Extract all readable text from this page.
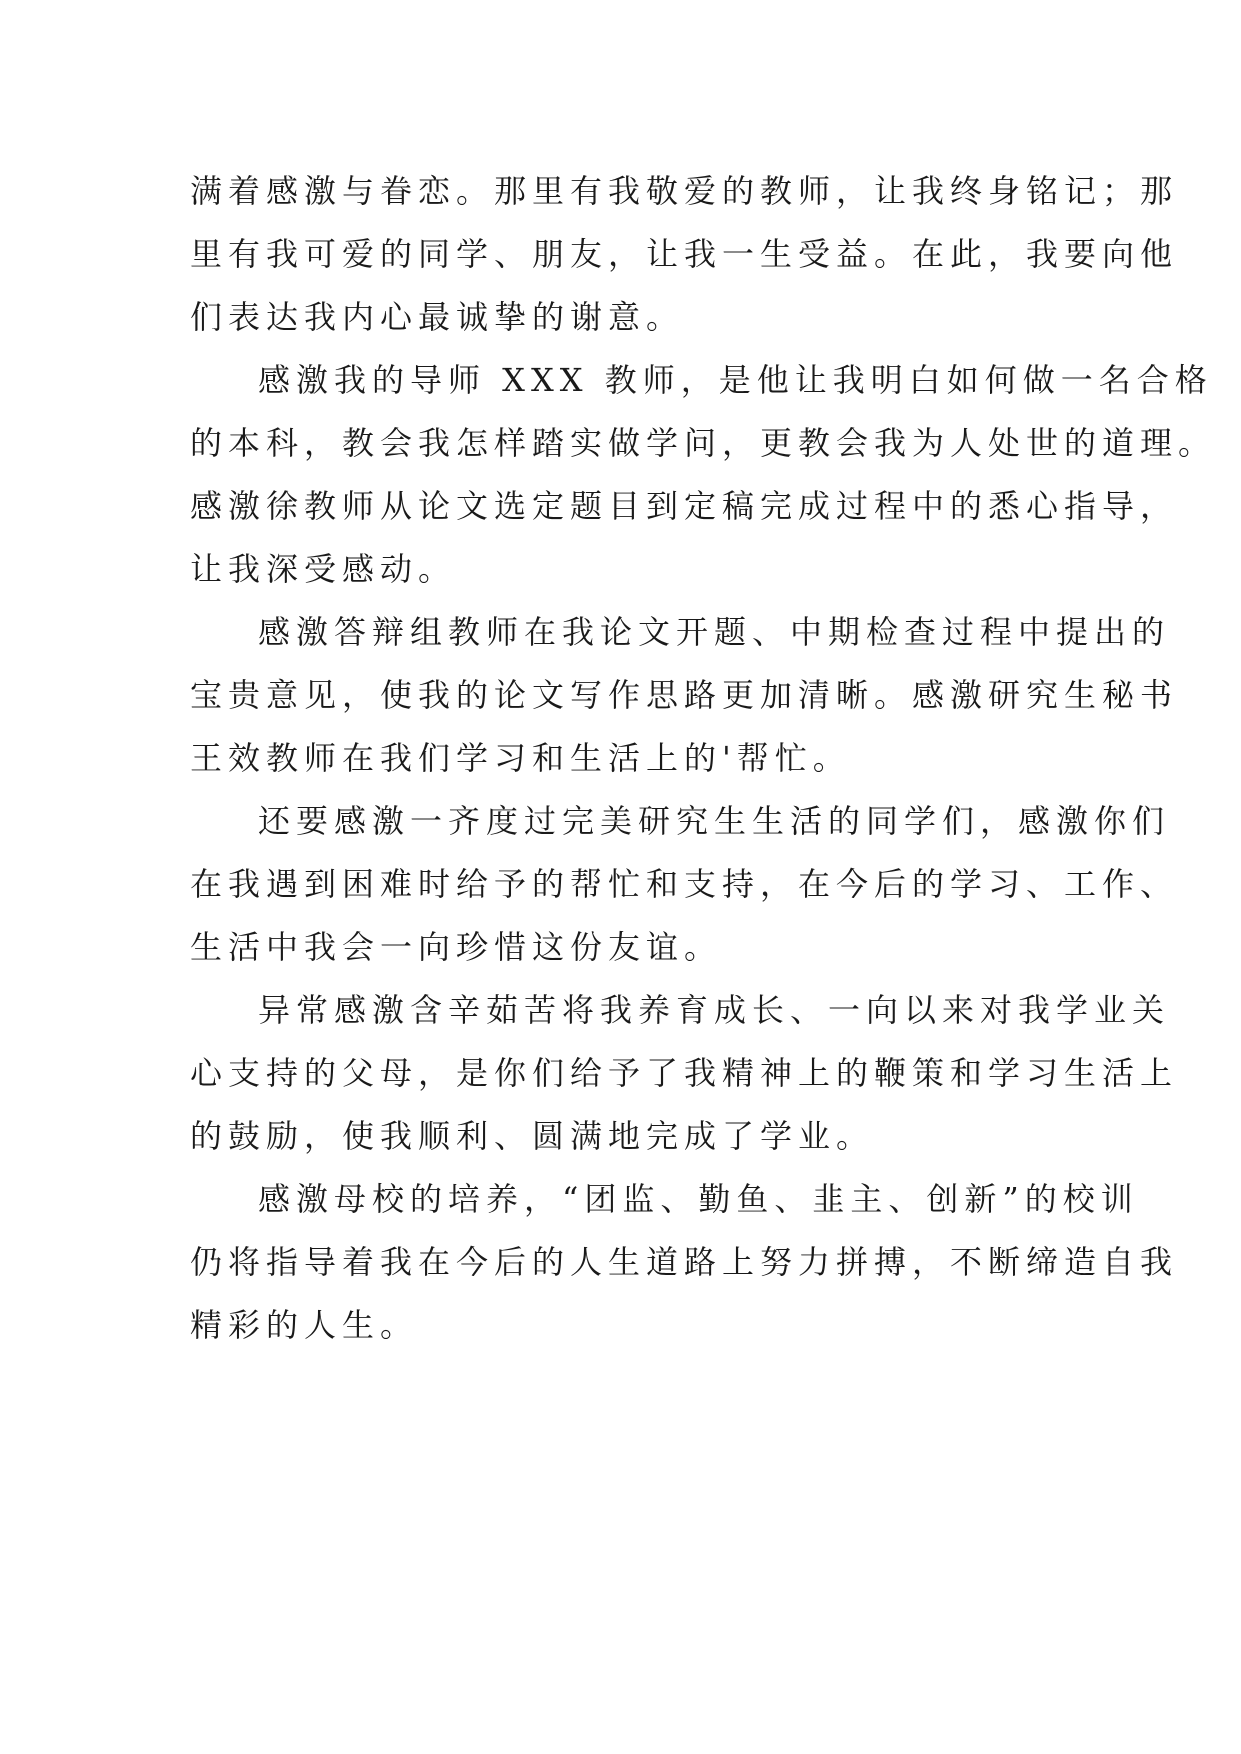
满着感激与眷恋。那里有我敬爱的教师，让我终身铭记；那
里有我可爱的同学、朋友，让我一生受益。在此，我要向他
们表达我内心最诚挚的谢意。
感激我的导师 XXX 教师，是他让我明白如何做一名合格
的本科，教会我怎样踏实做学问，更教会我为人处世的道理。
感激徐教师从论文选定题目到定稿完成过程中的悉心指导，
让我深受感动。
感激答辩组教师在我论文开题、中期检查过程中提出的
宝贵意见，使我的论文写作思路更加清晰。感激研究生秘书
王效教师在我们学习和生活上的'帮忙。
还要感激一齐度过完美研究生生活的同学们，感激你们
在我遇到困难时给予的帮忙和支持，在今后的学习、工作、
生活中我会一向珍惜这份友谊。
异常感激含辛茹苦将我养育成长、一向以来对我学业关
心支持的父母，是你们给予了我精神上的鞭策和学习生活上
的鼓励，使我顺利、圆满地完成了学业。
感激母校的培养，“团监、勤鱼、韭主、创新”的校训
仍将指导着我在今后的人生道路上努力拼搏，不断缔造自我
精彩的人生。
